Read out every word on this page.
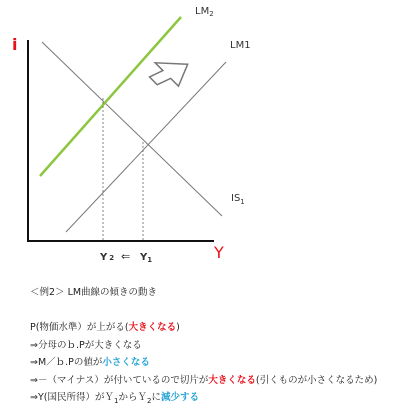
i
Y
$LM_2$
LM1
$IS_1$
Y 2 ⇐ $Y_1$
＜例2＞ LM曲線の傾きの動き
P(物価水準）が上がる(大きくなる)
⇒分母のｂ.Pが大きくなる
⇒M／ｂ.Pの値が小さくなる
⇒－（マイナス）が付いているので切片が大きくなる(引くものが小さくなるため)
⇒Y(国民所得）がＹ$_1$からＹ$_2$に減少する
